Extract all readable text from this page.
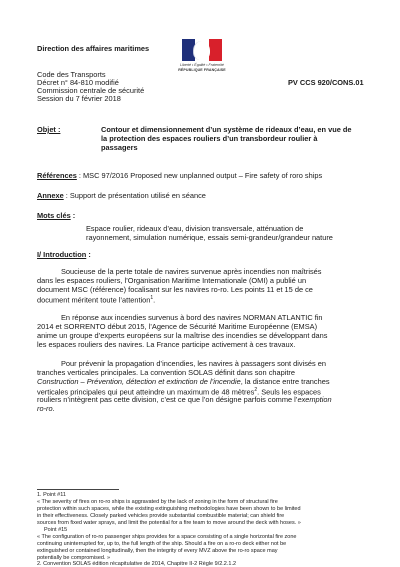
Direction des affaires maritimes
Liberté • Égalité • Fraternité
RÉPUBLIQUE FRANÇAISE
Code des Transports
Décret n° 84-810 modifié	PV CCS 920/CONS.01
Commission centrale de sécurité
Session du 7 février 2018
Objet :	Contour et dimensionnement d’un système de rideaux d’eau, en vue de
la protection des espaces rouliers d’un transbordeur roulier à
passagers
Références : MSC 97/2016 Proposed new unplanned output – Fire safety of roro ships
Annexe : Support de présentation utilisé en séance
Mots clés :
Espace roulier, rideaux d’eau, division transversale, atténuation de
rayonnement, simulation numérique, essais semi-grandeur/grandeur nature
I/ Introduction :
Soucieuse de la perte totale de navires survenue après incendies non maîtrisés
dans les espaces rouliers, l’Organisation Maritime Internationale (OMI) a publié un
document MSC (référence) focalisant sur les navires ro-ro. Les points 11 et 15 de ce
document méritent toute l’attention$^1$.
En réponse aux incendies survenus à bord des navires NORMAN ATLANTIC fin
2014 et SORRENTO début 2015, l’Agence de Sécurité Maritime Européenne (EMSA)
anime un groupe d’experts européens sur la maîtrise des incendies se développant dans
les espaces rouliers des navires. La France participe activement à ces travaux.
Pour prévenir la propagation d’incendies, les navires à passagers sont divisés en
tranches verticales principales. La convention SOLAS définit dans son chapitre
Construction – Prévention, détection et extinction de l’incendie, la distance entre tranches
verticales principales qui peut atteindre un maximum de 48 mètres$^2$. Seuls les espaces
rouliers n’intègrent pas cette division, c’est ce que l’on désigne parfois comme l’exemption
ro-ro.
1. Point #11
« The severity of fires on ro-ro ships is aggravated by the lack of zoning in the form of structural fire
protection within such spaces, while the existing extinguishing methodologies have been shown to be limited
in their effectiveness. Closely parked vehicles provide substantial combustible material; can shield fire
sources from fixed water sprays, and limit the potential for a fire team to move around the deck with hoses. »
Point #15
« The configuration of ro-ro passenger ships provides for a space consisting of a single horizontal fire zone
continuing uninterrupted for, up to, the full length of the ship. Should a fire on a ro-ro deck either not be
extinguished or contained longitudinally, then the integrity of every MVZ above the ro-ro space may
potentially be compromised. »
2. Convention SOLAS édition récapitulative de 2014, Chapitre II-2 Règle 9/2.2.1.2
